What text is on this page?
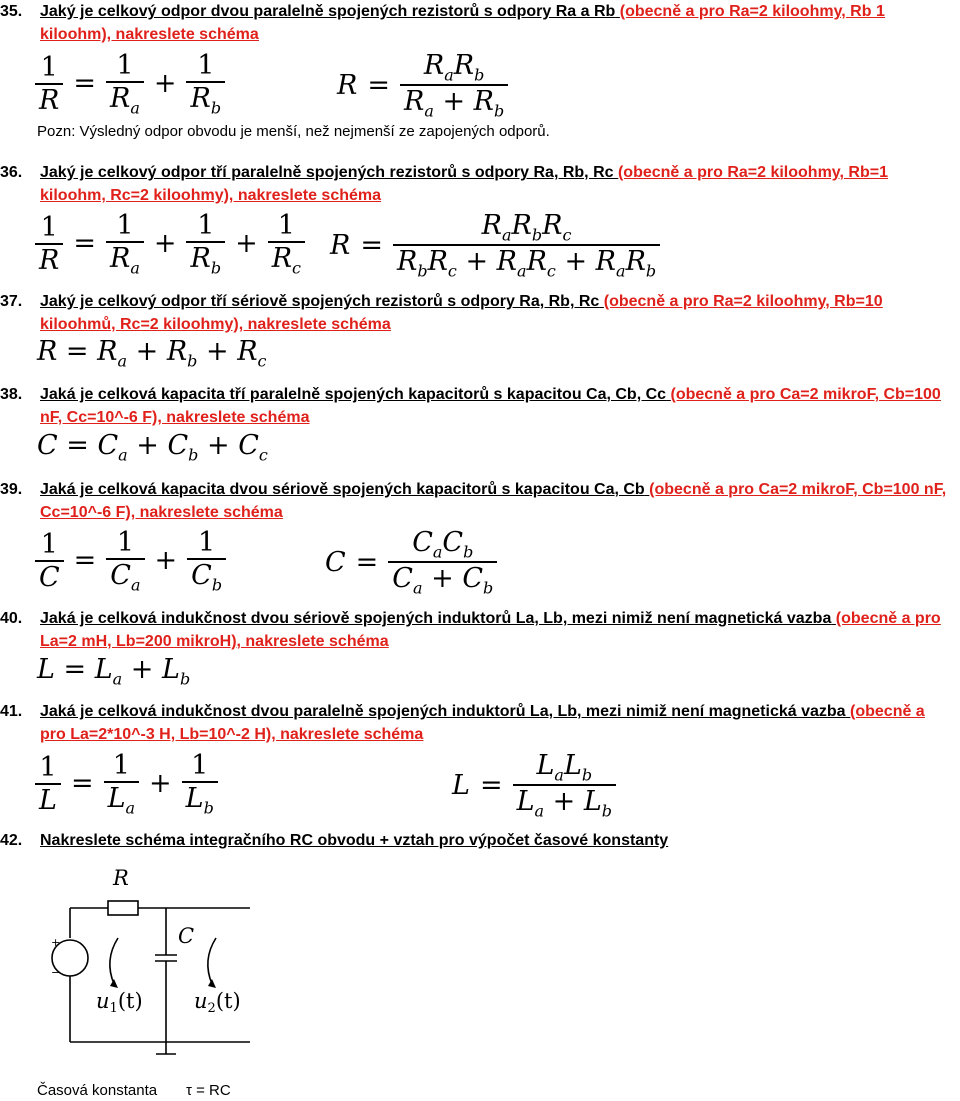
35.	Jaký je celkový odpor dvou paralelně spojených rezistorů s odpory Ra a Rb (obecně a pro Ra=2 kiloohmy, Rb 1 kiloohm), nakreslete schéma
$\frac{1}{R} = \frac{1}{R_a} + \frac{1}{R_b}$	R =
$R_aR_b$
$R_a + R_b$
Pozn: Výsledný odpor obvodu je menší, než nejmenší ze zapojených odporů.
36.	Jaký je celkový odpor tří paralelně spojených rezistorů s odpory Ra, Rb, Rc (obecně a pro Ra=2 kiloohmy, Rb=1 kiloohm, Rc=2 kiloohmy), nakreslete schéma
$\frac{1}{R} = \frac{1}{R_a} + \frac{1}{R_b} + \frac{1}{R_c}$ R =
$R_aR_bR_c$
$R_bR_c + R_aR_c + R_aR_b$
37.	Jaký je celkový odpor tří sériově spojených rezistorů s odpory Ra, Rb, Rc (obecně a pro Ra=2 kiloohmy, Rb=10 kiloohmů, Rc=2 kiloohmy), nakreslete schéma
$R = R_a + R_b + R_c$
38.	Jaká je celková kapacita tří paralelně spojených kapacitorů s kapacitou Ca, Cb, Cc (obecně a pro Ca=2 mikroF, Cb=100 nF, Cc=10^-6 F), nakreslete schéma
$C = C_a + C_b + C_c$
39.	Jaká je celková kapacita dvou sériově spojených kapacitorů s kapacitou Ca, Cb (obecně a pro Ca=2 mikroF, Cb=100 nF, Cc=10^-6 F), nakreslete schéma
$\frac{1}{C} = \frac{1}{C_a} + \frac{1}{C_b}$	C =
$C_aC_b$
$C_a + C_b$
40.	Jaká je celková indukčnost dvou sériově spojených induktorů La, Lb, mezi nimiž není magnetická vazba (obecně a pro La=2 mH, Lb=200 mikroH), nakreslete schéma
$L = L_a + L_b$
41.	Jaká je celková indukčnost dvou paralelně spojených induktorů La, Lb, mezi nimiž není magnetická vazba (obecně a pro La=2*10^-3 H, Lb=10^-2 H), nakreslete schéma
$\frac{1}{L} = \frac{1}{L_a} + \frac{1}{L_b}$	L =
$L_aL_b$
$L_a + L_b$
42.	Nakreslete schéma integračního RC obvodu + vztah pro výpočet časové konstanty
R
C
u1(t) u2(t)
+
−
Časová konstanta τ = RC
